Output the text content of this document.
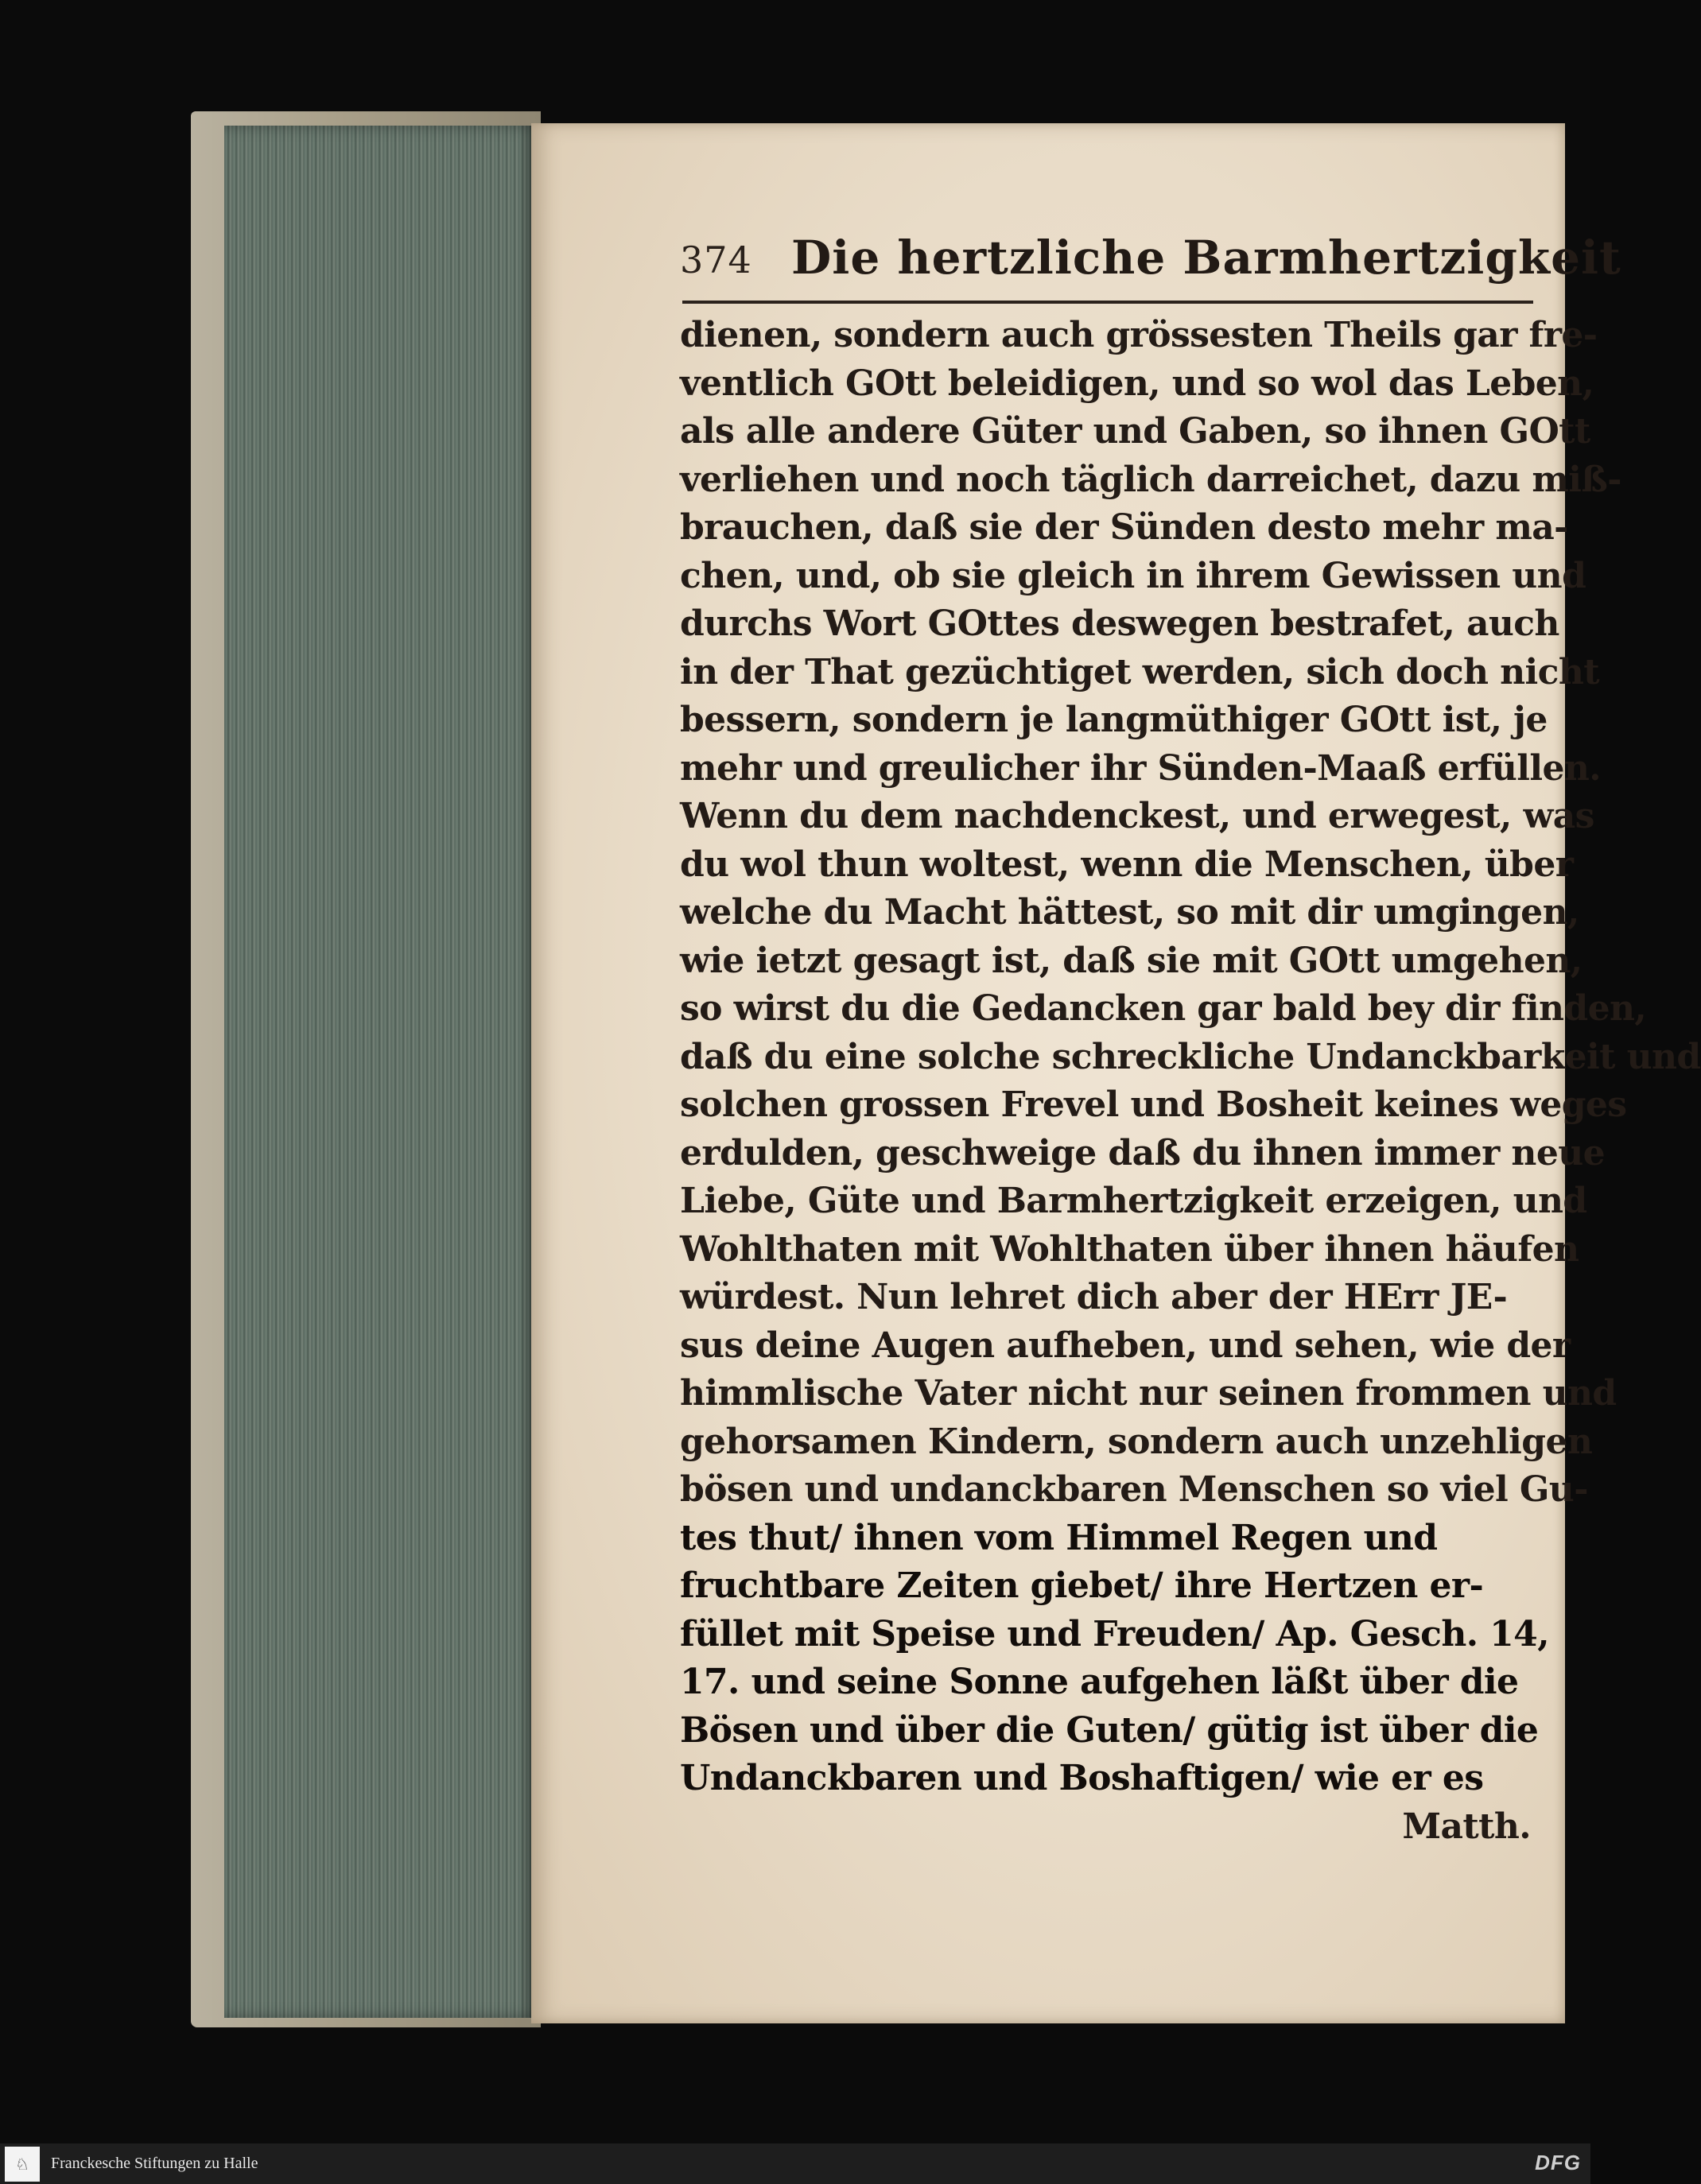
374 Die hertzliche Barmhertzigkeit
dienen, sondern auch grössesten Theils gar fre-
ventlich GOtt beleidigen, und so wol das Leben,
als alle andere Güter und Gaben, so ihnen GOtt
verliehen und noch täglich darreichet, dazu miß-
brauchen, daß sie der Sünden desto mehr ma-
chen, und, ob sie gleich in ihrem Gewissen und
durchs Wort GOttes deswegen bestrafet, auch
in der That gezüchtiget werden, sich doch nicht
bessern, sondern je langmüthiger GOtt ist, je
mehr und greulicher ihr Sünden-Maaß erfüllen.
Wenn du dem nachdenckest, und erwegest, was
du wol thun woltest, wenn die Menschen, über
welche du Macht hättest, so mit dir umgingen,
wie ietzt gesagt ist, daß sie mit GOtt umgehen,
so wirst du die Gedancken gar bald bey dir finden,
daß du eine solche schreckliche Undanckbarkeit und
solchen grossen Frevel und Bosheit keines weges
erdulden, geschweige daß du ihnen immer neue
Liebe, Güte und Barmhertzigkeit erzeigen, und
Wohlthaten mit Wohlthaten über ihnen häufen
würdest. Nun lehret dich aber der HErr JE-
sus deine Augen aufheben, und sehen, wie der
himmlische Vater nicht nur seinen frommen und
gehorsamen Kindern, sondern auch unzehligen
bösen und undanckbaren Menschen so viel Gu-
tes thut/ ihnen vom Himmel Regen und
fruchtbare Zeiten giebet/ ihre Hertzen er-
füllet mit Speise und Freuden/ Ap. Gesch. 14,
17. und seine Sonne aufgehen läßt über die
Bösen und über die Guten/ gütig ist über die
Undanckbaren und Boshaftigen/ wie er es
Matth.
♘	Franckesche Stiftungen zu Halle	DFG
